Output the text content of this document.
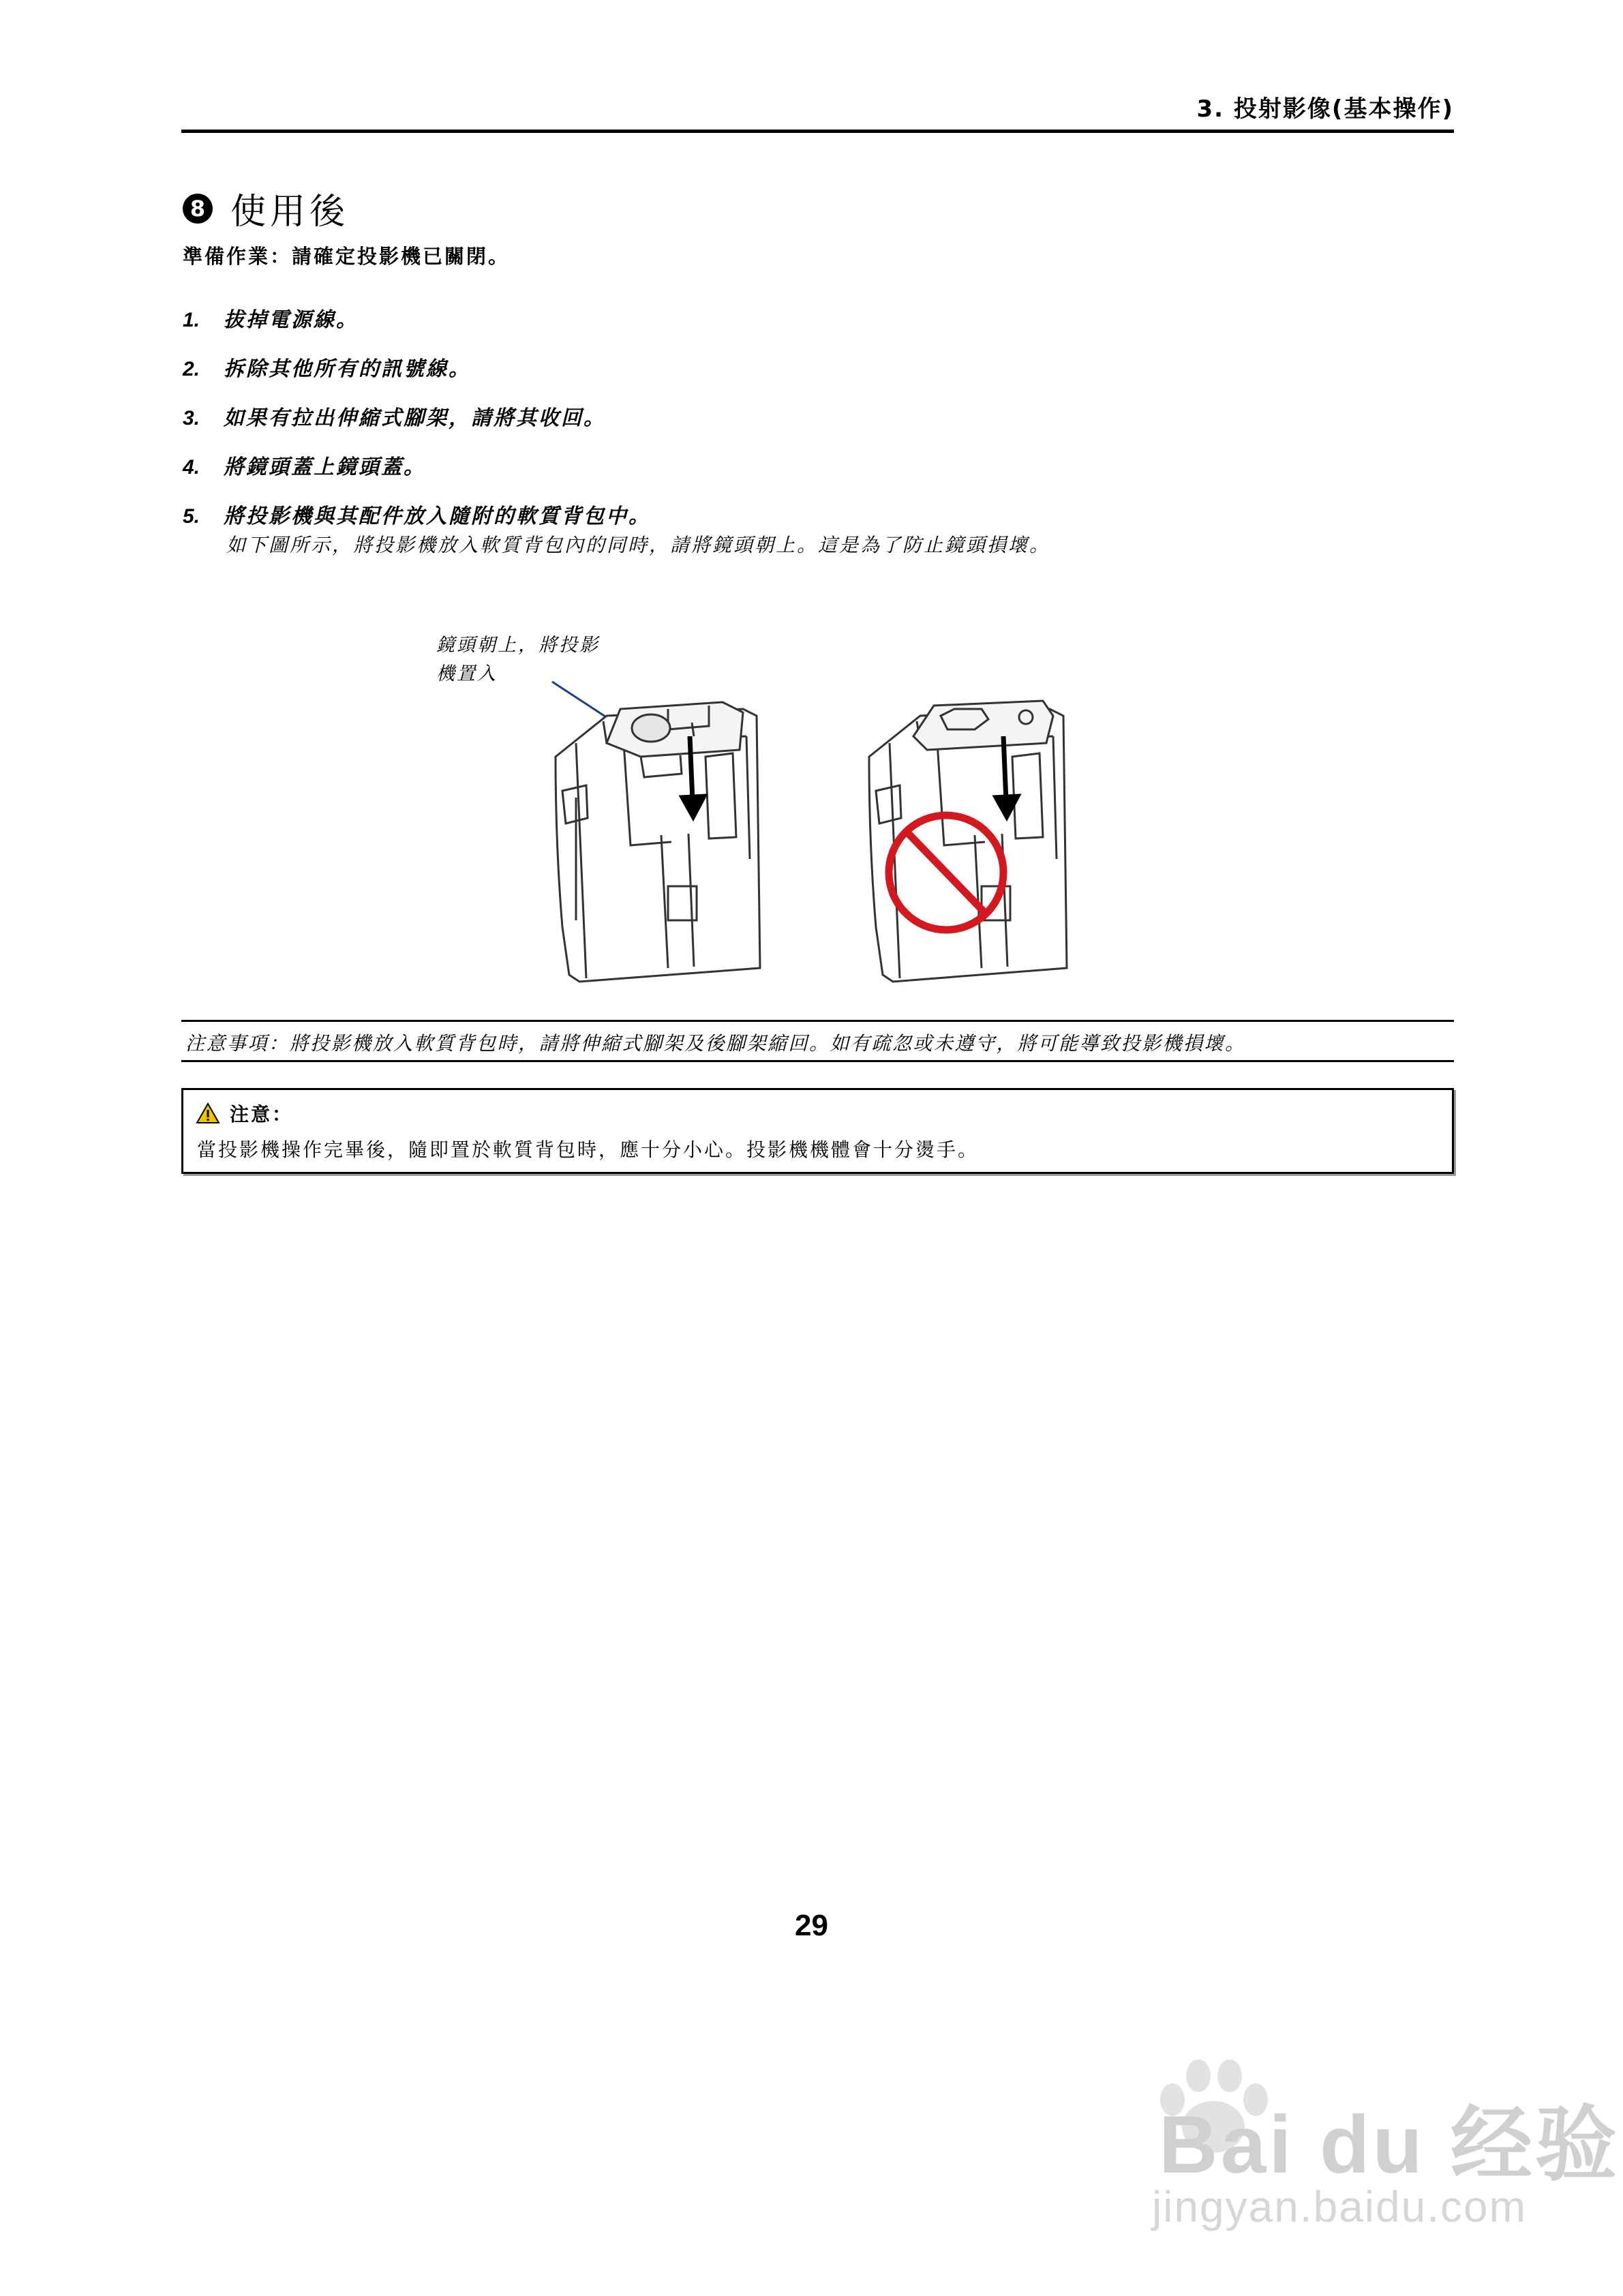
3. 投射影像(基本操作)
8 使用後
準備作業：請確定投影機已關閉。
1. 拔掉電源線。
2. 拆除其他所有的訊號線。
3. 如果有拉出伸縮式腳架，請將其收回。
4. 將鏡頭蓋上鏡頭蓋。
5. 將投影機與其配件放入隨附的軟質背包中。
如下圖所示，將投影機放入軟質背包內的同時，請將鏡頭朝上。這是為了防止鏡頭損壞。
鏡頭朝上，將投影
機置入
注意事項：將投影機放入軟質背包時，請將伸縮式腳架及後腳架縮回。如有疏忽或未遵守，將可能導致投影機損壞。
注意：
當投影機操作完畢後，隨即置於軟質背包時，應十分小心。投影機機體會十分燙手。
29
Bai du 经验
jingyan.baidu.com
